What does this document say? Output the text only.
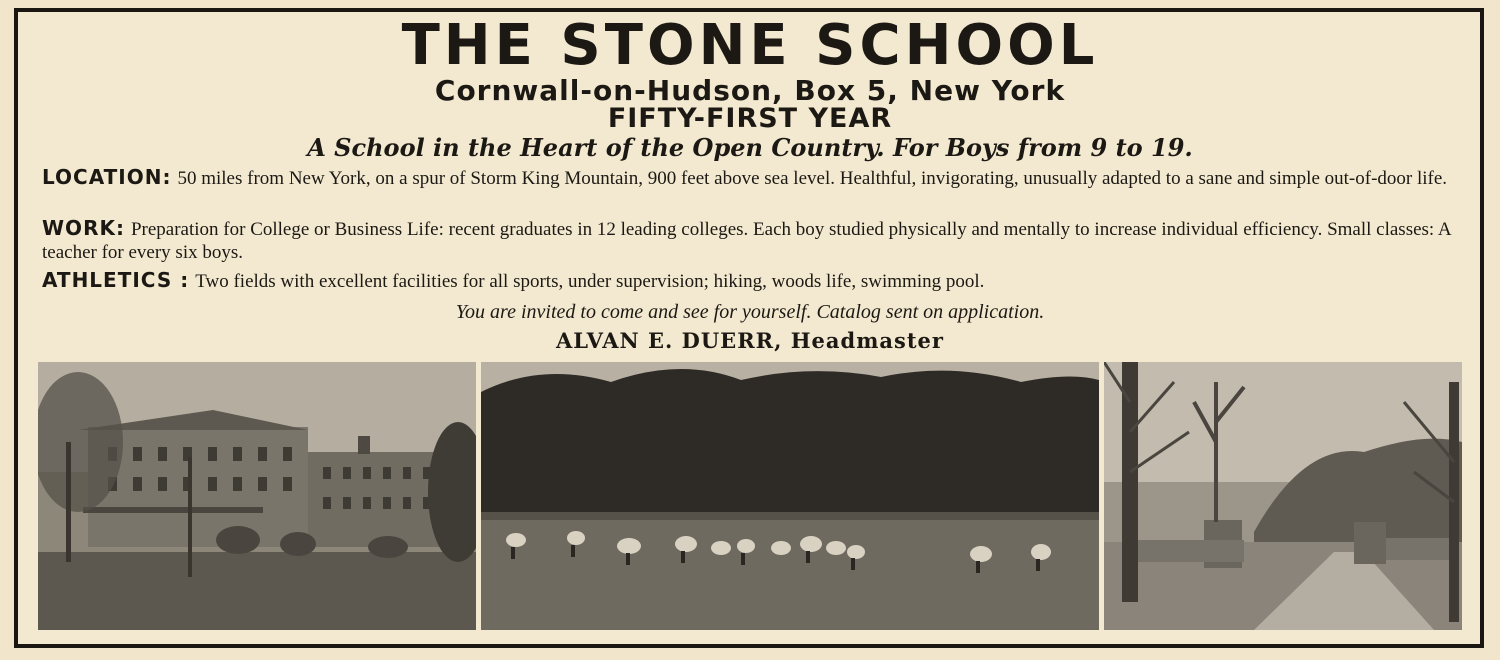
THE STONE SCHOOL
Cornwall-on-Hudson, Box 5, New York
FIFTY-FIRST YEAR
A School in the Heart of the Open Country. For Boys from 9 to 19.
LOCATION: 50 miles from New York, on a spur of Storm King Mountain, 900 feet above sea level. Healthful, invigorating, unusually adapted to a sane and simple out-of-door life.
WORK: Preparation for College or Business Life: recent graduates in 12 leading colleges. Each boy studied physically and mentally to increase individual efficiency. Small classes: A teacher for every six boys.
ATHLETICS : Two fields with excellent facilities for all sports, under supervision; hiking, woods life, swimming pool.
You are invited to come and see for yourself. Catalog sent on application.
ALVAN E. DUERR, Headmaster
